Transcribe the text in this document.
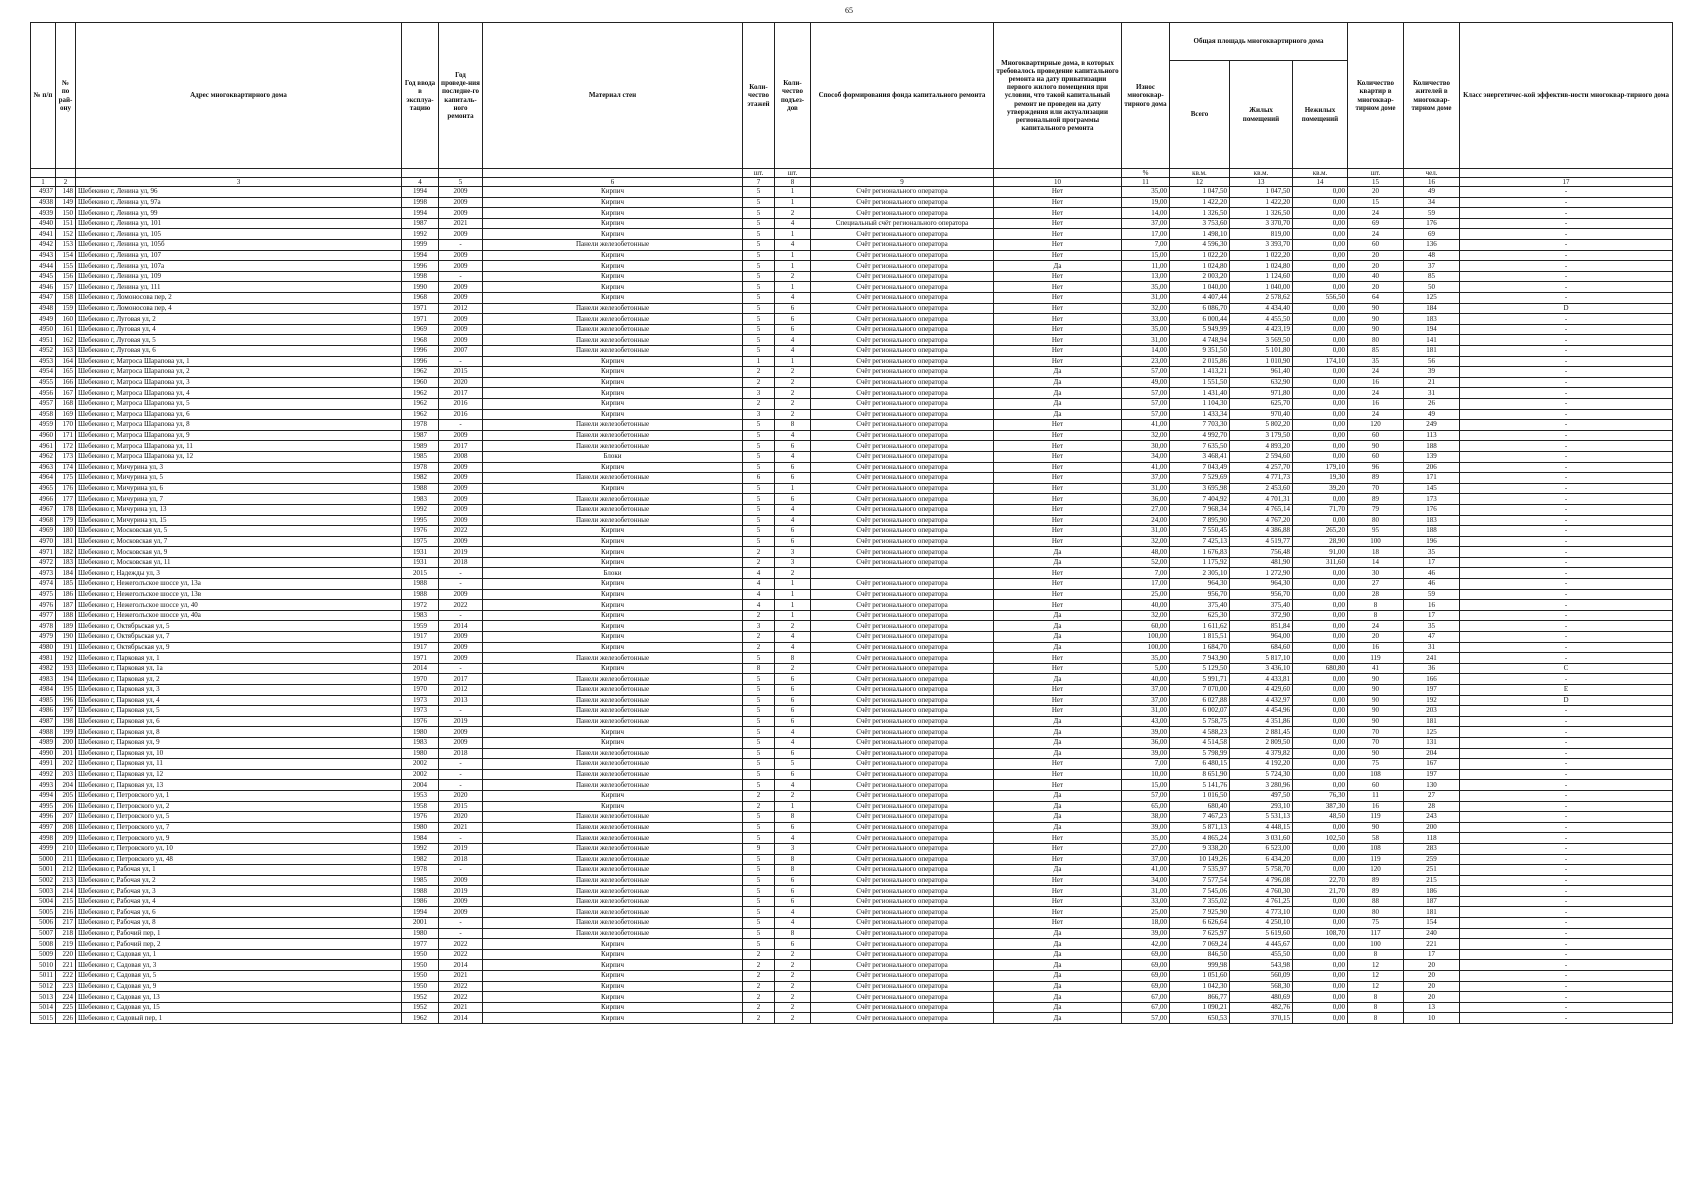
65
№ п/п	№ по рай-ону	Адрес многоквартирного дома	Год ввода в эксплуа-тацию	Год проведе-ния последне-го капиталь-ного ремонта	Материал стен	Коли-чество этажей	Коли-чество подъез-дов	Способ формирования фонда капитального ремонта	Многоквартирные дома, в которых требовалось проведение капитального ремонта на дату приватизации первого жилого помещения при условии, что такой капитальный ремонт не проведен на дату утверждения или актуализации региональной программы капитального ремонта	Износ многоквар-тирного дома	Общая площадь многоквартирного дома			Количество квартир в многоквар-тирном доме	Количество жителей в многоквар-тирном доме	Класс энергетичес-кой эффектив-ности многоквар-тирного дома
											Всего	Жилых помещений	Нежилых помещений			
						шт.	шт.			%	кв.м.	кв.м.	кв.м.	шт.	чел.	
1	2	3	4	5	6	7	8	9	10	11	12	13	14	15	16	17
4937	148	Шебекино г, Ленина ул, 96	1994	2009	Кирпич	5	1	Счёт регионального оператора	Нет	35,00	1 047,50	1 047,50	0,00	20	49	-
4938	149	Шебекино г, Ленина ул, 97а	1998	2009	Кирпич	5	1	Счёт регионального оператора	Нет	19,00	1 422,20	1 422,20	0,00	15	34	-
4939	150	Шебекино г, Ленина ул, 99	1994	2009	Кирпич	5	2	Счёт регионального оператора	Нет	14,00	1 326,50	1 326,50	0,00	24	59	-
4940	151	Шебекино г, Ленина ул, 101	1987	2021	Кирпич	5	4	Специальный счёт регионального оператора	Нет	37,00	3 753,60	3 370,70	0,00	69	176	-
4941	152	Шебекино г, Ленина ул, 105	1992	2009	Кирпич	5	1	Счёт регионального оператора	Нет	17,00	1 498,10	819,00	0,00	24	69	-
4942	153	Шебекино г, Ленина ул, 105б	1999	-	Панели железобетонные	5	4	Счёт регионального оператора	Нет	7,00	4 596,30	3 393,70	0,00	60	136	-
4943	154	Шебекино г, Ленина ул, 107	1994	2009	Кирпич	5	1	Счёт регионального оператора	Нет	15,00	1 022,20	1 022,20	0,00	20	48	-
4944	155	Шебекино г, Ленина ул, 107а	1996	2009	Кирпич	5	1	Счёт регионального оператора	Да	11,00	1 024,80	1 024,80	0,00	20	37	-
4945	156	Шебекино г, Ленина ул, 109	1998	-	Кирпич	5	2	Счёт регионального оператора	Нет	13,00	2 003,20	1 124,60	0,00	40	85	-
4946	157	Шебекино г, Ленина ул, 111	1990	2009	Кирпич	5	1	Счёт регионального оператора	Нет	35,00	1 040,00	1 040,00	0,00	20	50	-
4947	158	Шебекино г, Ломоносова пер, 2	1968	2009	Кирпич	5	4	Счёт регионального оператора	Нет	31,00	4 407,44	2 578,62	556,50	64	125	-
4948	159	Шебекино г, Ломоносова пер, 4	1971	2012	Панели железобетонные	5	6	Счёт регионального оператора	Нет	32,00	6 086,70	4 434,40	0,00	90	184	D
4949	160	Шебекино г, Луговая ул, 2	1971	2009	Панели железобетонные	5	6	Счёт регионального оператора	Нет	33,00	6 000,44	4 455,50	0,00	90	183	-
4950	161	Шебекино г, Луговая ул, 4	1969	2009	Панели железобетонные	5	6	Счёт регионального оператора	Нет	35,00	5 949,99	4 423,19	0,00	90	194	-
4951	162	Шебекино г, Луговая ул, 5	1968	2009	Панели железобетонные	5	4	Счёт регионального оператора	Нет	31,00	4 748,94	3 569,50	0,00	80	141	-
4952	163	Шебекино г, Луговая ул, 6	1996	2007	Панели железобетонные	5	4	Счёт регионального оператора	Нет	14,00	9 351,50	5 101,80	0,00	85	181	-
4953	164	Шебекино г, Матроса Шарапова ул, 1	1996	-	Кирпич	1	1	Счёт регионального оператора	Нет	23,00	2 015,86	1 010,90	174,10	35	56	-
4954	165	Шебекино г, Матроса Шарапова ул, 2	1962	2015	Кирпич	2	2	Счёт регионального оператора	Да	57,00	1 413,21	961,40	0,00	24	39	-
4955	166	Шебекино г, Матроса Шарапова ул, 3	1960	2020	Кирпич	2	2	Счёт регионального оператора	Да	49,00	1 551,50	632,90	0,00	16	21	-
4956	167	Шебекино г, Матроса Шарапова ул, 4	1962	2017	Кирпич	3	2	Счёт регионального оператора	Да	57,00	1 431,40	971,80	0,00	24	31	-
4957	168	Шебекино г, Матроса Шарапова ул, 5	1962	2016	Кирпич	2	2	Счёт регионального оператора	Да	57,00	1 104,30	625,70	0,00	16	26	-
4958	169	Шебекино г, Матроса Шарапова ул, 6	1962	2016	Кирпич	3	2	Счёт регионального оператора	Да	57,00	1 433,34	970,40	0,00	24	49	-
4959	170	Шебекино г, Матроса Шарапова ул, 8	1978	-	Панели железобетонные	5	8	Счёт регионального оператора	Нет	41,00	7 703,30	5 802,20	0,00	120	249	-
4960	171	Шебекино г, Матроса Шарапова ул, 9	1987	2009	Панели железобетонные	5	4	Счёт регионального оператора	Нет	32,00	4 992,70	3 179,50	0,00	60	113	-
4961	172	Шебекино г, Матроса Шарапова ул, 11	1989	2017	Панели железобетонные	5	6	Счёт регионального оператора	Нет	30,00	7 635,50	4 893,20	0,00	90	188	-
4962	173	Шебекино г, Матроса Шарапова ул, 12	1985	2008	Блоки	5	4	Счёт регионального оператора	Нет	34,00	3 468,41	2 594,60	0,00	60	139	-
4963	174	Шебекино г, Мичурина ул, 3	1978	2009	Кирпич	5	6	Счёт регионального оператора	Нет	41,00	7 043,49	4 257,70	179,10	96	206	-
4964	175	Шебекино г, Мичурина ул, 5	1982	2009	Панели железобетонные	6	6	Счёт регионального оператора	Нет	37,00	7 529,69	4 771,73	19,30	89	171	-
4965	176	Шебекино г, Мичурина ул, 6	1988	2009	Кирпич	5	1	Счёт регионального оператора	Нет	31,00	3 695,98	2 453,60	39,20	70	145	-
4966	177	Шебекино г, Мичурина ул, 7	1983	2009	Панели железобетонные	5	6	Счёт регионального оператора	Нет	36,00	7 404,92	4 701,31	0,00	89	173	-
4967	178	Шебекино г, Мичурина ул, 13	1992	2009	Панели железобетонные	5	4	Счёт регионального оператора	Нет	27,00	7 968,34	4 765,14	71,70	79	176	-
4968	179	Шебекино г, Мичурина ул, 15	1995	2009	Панели железобетонные	5	4	Счёт регионального оператора	Нет	24,00	7 895,90	4 767,20	0,00	80	183	-
4969	180	Шебекино г, Московская ул, 5	1976	2022	Кирпич	5	6	Счёт регионального оператора	Нет	31,00	7 550,45	4 386,88	265,20	95	188	-
4970	181	Шебекино г, Московская ул, 7	1975	2009	Кирпич	5	6	Счёт регионального оператора	Нет	32,00	7 425,13	4 519,77	28,90	100	196	-
4971	182	Шебекино г, Московская ул, 9	1931	2019	Кирпич	2	3	Счёт регионального оператора	Да	48,00	1 676,83	756,48	91,00	18	35	-
4972	183	Шебекино г, Московская ул, 11	1931	2018	Кирпич	2	3	Счёт регионального оператора	Да	52,00	1 175,92	481,90	311,60	14	17	-
4973	184	Шебекино г, Надежды ул, 3	2015	-	Блоки	4	2		Нет	7,00	2 305,10	1 272,90	0,00	30	46	-
4974	185	Шебекино г, Нежеголъское шоссе ул, 13а	1988	-	Кирпич	4	1	Счёт регионального оператора	Нет	17,00	964,30	964,30	0,00	27	46	-
4975	186	Шебекино г, Нежеголъское шоссе ул, 13в	1988	2009	Кирпич	4	1	Счёт регионального оператора	Нет	25,00	956,70	956,70	0,00	28	59	-
4976	187	Шебекино г, Нежеголъское шоссе ул, 40	1972	2022	Кирпич	4	1	Счёт регионального оператора	Нет	40,00	375,40	375,40	0,00	8	16	-
4977	188	Шебекино г, Нежеголъское шоссе ул, 40а	1983	-	Кирпич	2	1	Счёт регионального оператора	Да	32,00	625,30	372,90	0,00	8	17	-
4978	189	Шебекино г, Октябрьская ул, 5	1959	2014	Кирпич	3	2	Счёт регионального оператора	Да	60,00	1 611,62	851,84	0,00	24	35	-
4979	190	Шебекино г, Октябрьская ул, 7	1917	2009	Кирпич	2	4	Счёт регионального оператора	Да	100,00	1 815,51	964,00	0,00	20	47	-
4980	191	Шебекино г, Октябрьская ул, 9	1917	2009	Кирпич	2	4	Счёт регионального оператора	Да	100,00	1 684,70	684,60	0,00	16	31	-
4981	192	Шебекино г, Парковая ул, 1	1971	2009	Панели железобетонные	5	8	Счёт регионального оператора	Нет	35,00	7 943,90	5 817,10	0,00	119	241	-
4982	193	Шебекино г, Парковая ул, 1а	2014	-	Кирпич	8	2	Счёт регионального оператора	Нет	5,00	5 129,50	3 436,10	680,80	41	36	С
4983	194	Шебекино г, Парковая ул, 2	1970	2017	Панели железобетонные	5	6	Счёт регионального оператора	Да	40,00	5 991,71	4 433,81	0,00	90	166	-
4984	195	Шебекино г, Парковая ул, 3	1970	2012	Панели железобетонные	5	6	Счёт регионального оператора	Нет	37,00	7 070,00	4 429,60	0,00	90	197	E
4985	196	Шебекино г, Парковая ул, 4	1973	2013	Панели железобетонные	5	6	Счёт регионального оператора	Нет	37,00	6 027,88	4 432,97	0,00	90	192	D
4986	197	Шебекино г, Парковая ул, 5	1973	-	Панели железобетонные	5	6	Счёт регионального оператора	Нет	31,00	6 002,07	4 454,96	0,00	90	203	-
4987	198	Шебекино г, Парковая ул, 6	1976	2019	Панели железобетонные	5	6	Счёт регионального оператора	Да	43,00	5 758,75	4 351,86	0,00	90	181	-
4988	199	Шебекино г, Парковая ул, 8	1980	2009	Кирпич	5	4	Счёт регионального оператора	Да	39,00	4 588,23	2 881,45	0,00	70	125	-
4989	200	Шебекино г, Парковая ул, 9	1983	2009	Кирпич	5	4	Счёт регионального оператора	Да	36,00	4 514,58	2 809,50	0,00	70	131	-
4990	201	Шебекино г, Парковая ул, 10	1980	2018	Панели железобетонные	5	6	Счёт регионального оператора	Да	39,00	5 798,99	4 379,82	0,00	90	204	-
4991	202	Шебекино г, Парковая ул, 11	2002	-	Панели железобетонные	5	5	Счёт регионального оператора	Нет	7,00	6 480,15	4 192,20	0,00	75	167	-
4992	203	Шебекино г, Парковая ул, 12	2002	-	Панели железобетонные	5	6	Счёт регионального оператора	Нет	10,00	8 651,90	5 724,30	0,00	108	197	-
4993	204	Шебекино г, Парковая ул, 13	2004	-	Панели железобетонные	5	4	Счёт регионального оператора	Нет	15,00	5 141,76	3 280,96	0,00	60	130	-
4994	205	Шебекино г, Петровского ул, 1	1953	2020	Кирпич	2	2	Счёт регионального оператора	Да	57,00	1 016,50	497,50	76,30	11	27	-
4995	206	Шебекино г, Петровского ул, 2	1958	2015	Кирпич	2	1	Счёт регионального оператора	Да	65,00	680,40	293,10	387,30	16	28	-
4996	207	Шебекино г, Петровского ул, 5	1976	2020	Панели железобетонные	5	8	Счёт регионального оператора	Да	38,00	7 467,23	5 531,13	48,50	119	243	-
4997	208	Шебекино г, Петровского ул, 7	1980	2021	Панели железобетонные	5	6	Счёт регионального оператора	Да	39,00	5 871,13	4 448,15	0,00	90	200	-
4998	209	Шебекино г, Петровского ул, 9	1984	-	Панели железобетонные	5	4	Счёт регионального оператора	Нет	35,00	4 865,24	3 031,60	102,50	58	118	-
4999	210	Шебекино г, Петровского ул, 10	1992	2019	Панели железобетонные	9	3	Счёт регионального оператора	Нет	27,00	9 338,20	6 523,00	0,00	108	283	-
5000	211	Шебекино г, Петровского ул, 48	1982	2018	Панели железобетонные	5	8	Счёт регионального оператора	Нет	37,00	10 149,26	6 434,20	0,00	119	259	-
5001	212	Шебекино г, Рабочая ул, 1	1978	-	Панели железобетонные	5	8	Счёт регионального оператора	Да	41,00	7 535,97	5 758,70	0,00	120	251	-
5002	213	Шебекино г, Рабочая ул, 2	1985	2009	Панели железобетонные	5	6	Счёт регионального оператора	Нет	34,00	7 577,54	4 796,08	22,70	89	215	-
5003	214	Шебекино г, Рабочая ул, 3	1988	2019	Панели железобетонные	5	6	Счёт регионального оператора	Нет	31,00	7 545,06	4 760,30	21,70	89	186	-
5004	215	Шебекино г, Рабочая ул, 4	1986	2009	Панели железобетонные	5	6	Счёт регионального оператора	Нет	33,00	7 355,02	4 761,25	0,00	88	187	-
5005	216	Шебекино г, Рабочая ул, 6	1994	2009	Панели железобетонные	5	4	Счёт регионального оператора	Нет	25,00	7 925,90	4 773,10	0,00	80	181	-
5006	217	Шебекино г, Рабочая ул, 8	2001	-	Панели железобетонные	5	4	Счёт регионального оператора	Нет	18,00	6 626,64	4 250,10	0,00	75	154	-
5007	218	Шебекино г, Рабочий пер, 1	1980	-	Панели железобетонные	5	8	Счёт регионального оператора	Да	39,00	7 625,97	5 619,60	108,70	117	240	-
5008	219	Шебекино г, Рабочий пер, 2	1977	2022	Кирпич	5	6	Счёт регионального оператора	Да	42,00	7 069,24	4 445,67	0,00	100	221	-
5009	220	Шебекино г, Садовая ул, 1	1950	2022	Кирпич	2	2	Счёт регионального оператора	Да	69,00	846,50	455,50	0,00	8	17	-
5010	221	Шебекино г, Садовая ул, 3	1950	2014	Кирпич	2	2	Счёт регионального оператора	Да	69,00	999,98	543,98	0,00	12	20	-
5011	222	Шебекино г, Садовая ул, 5	1950	2021	Кирпич	2	2	Счёт регионального оператора	Да	69,00	1 051,60	560,09	0,00	12	20	-
5012	223	Шебекино г, Садовая ул, 9	1950	2022	Кирпич	2	2	Счёт регионального оператора	Да	69,00	1 042,30	568,30	0,00	12	20	-
5013	224	Шебекино г, Садовая ул, 13	1952	2022	Кирпич	2	2	Счёт регионального оператора	Да	67,00	866,77	480,69	0,00	8	20	-
5014	225	Шебекино г, Садовая ул, 15	1952	2021	Кирпич	2	2	Счёт регионального оператора	Да	67,00	1 090,21	482,76	0,00	8	13	-
5015	226	Шебекино г, Садовый пер, 1	1962	2014	Кирпич	2	2	Счёт регионального оператора	Да	57,00	650,53	370,15	0,00	8	10	-
